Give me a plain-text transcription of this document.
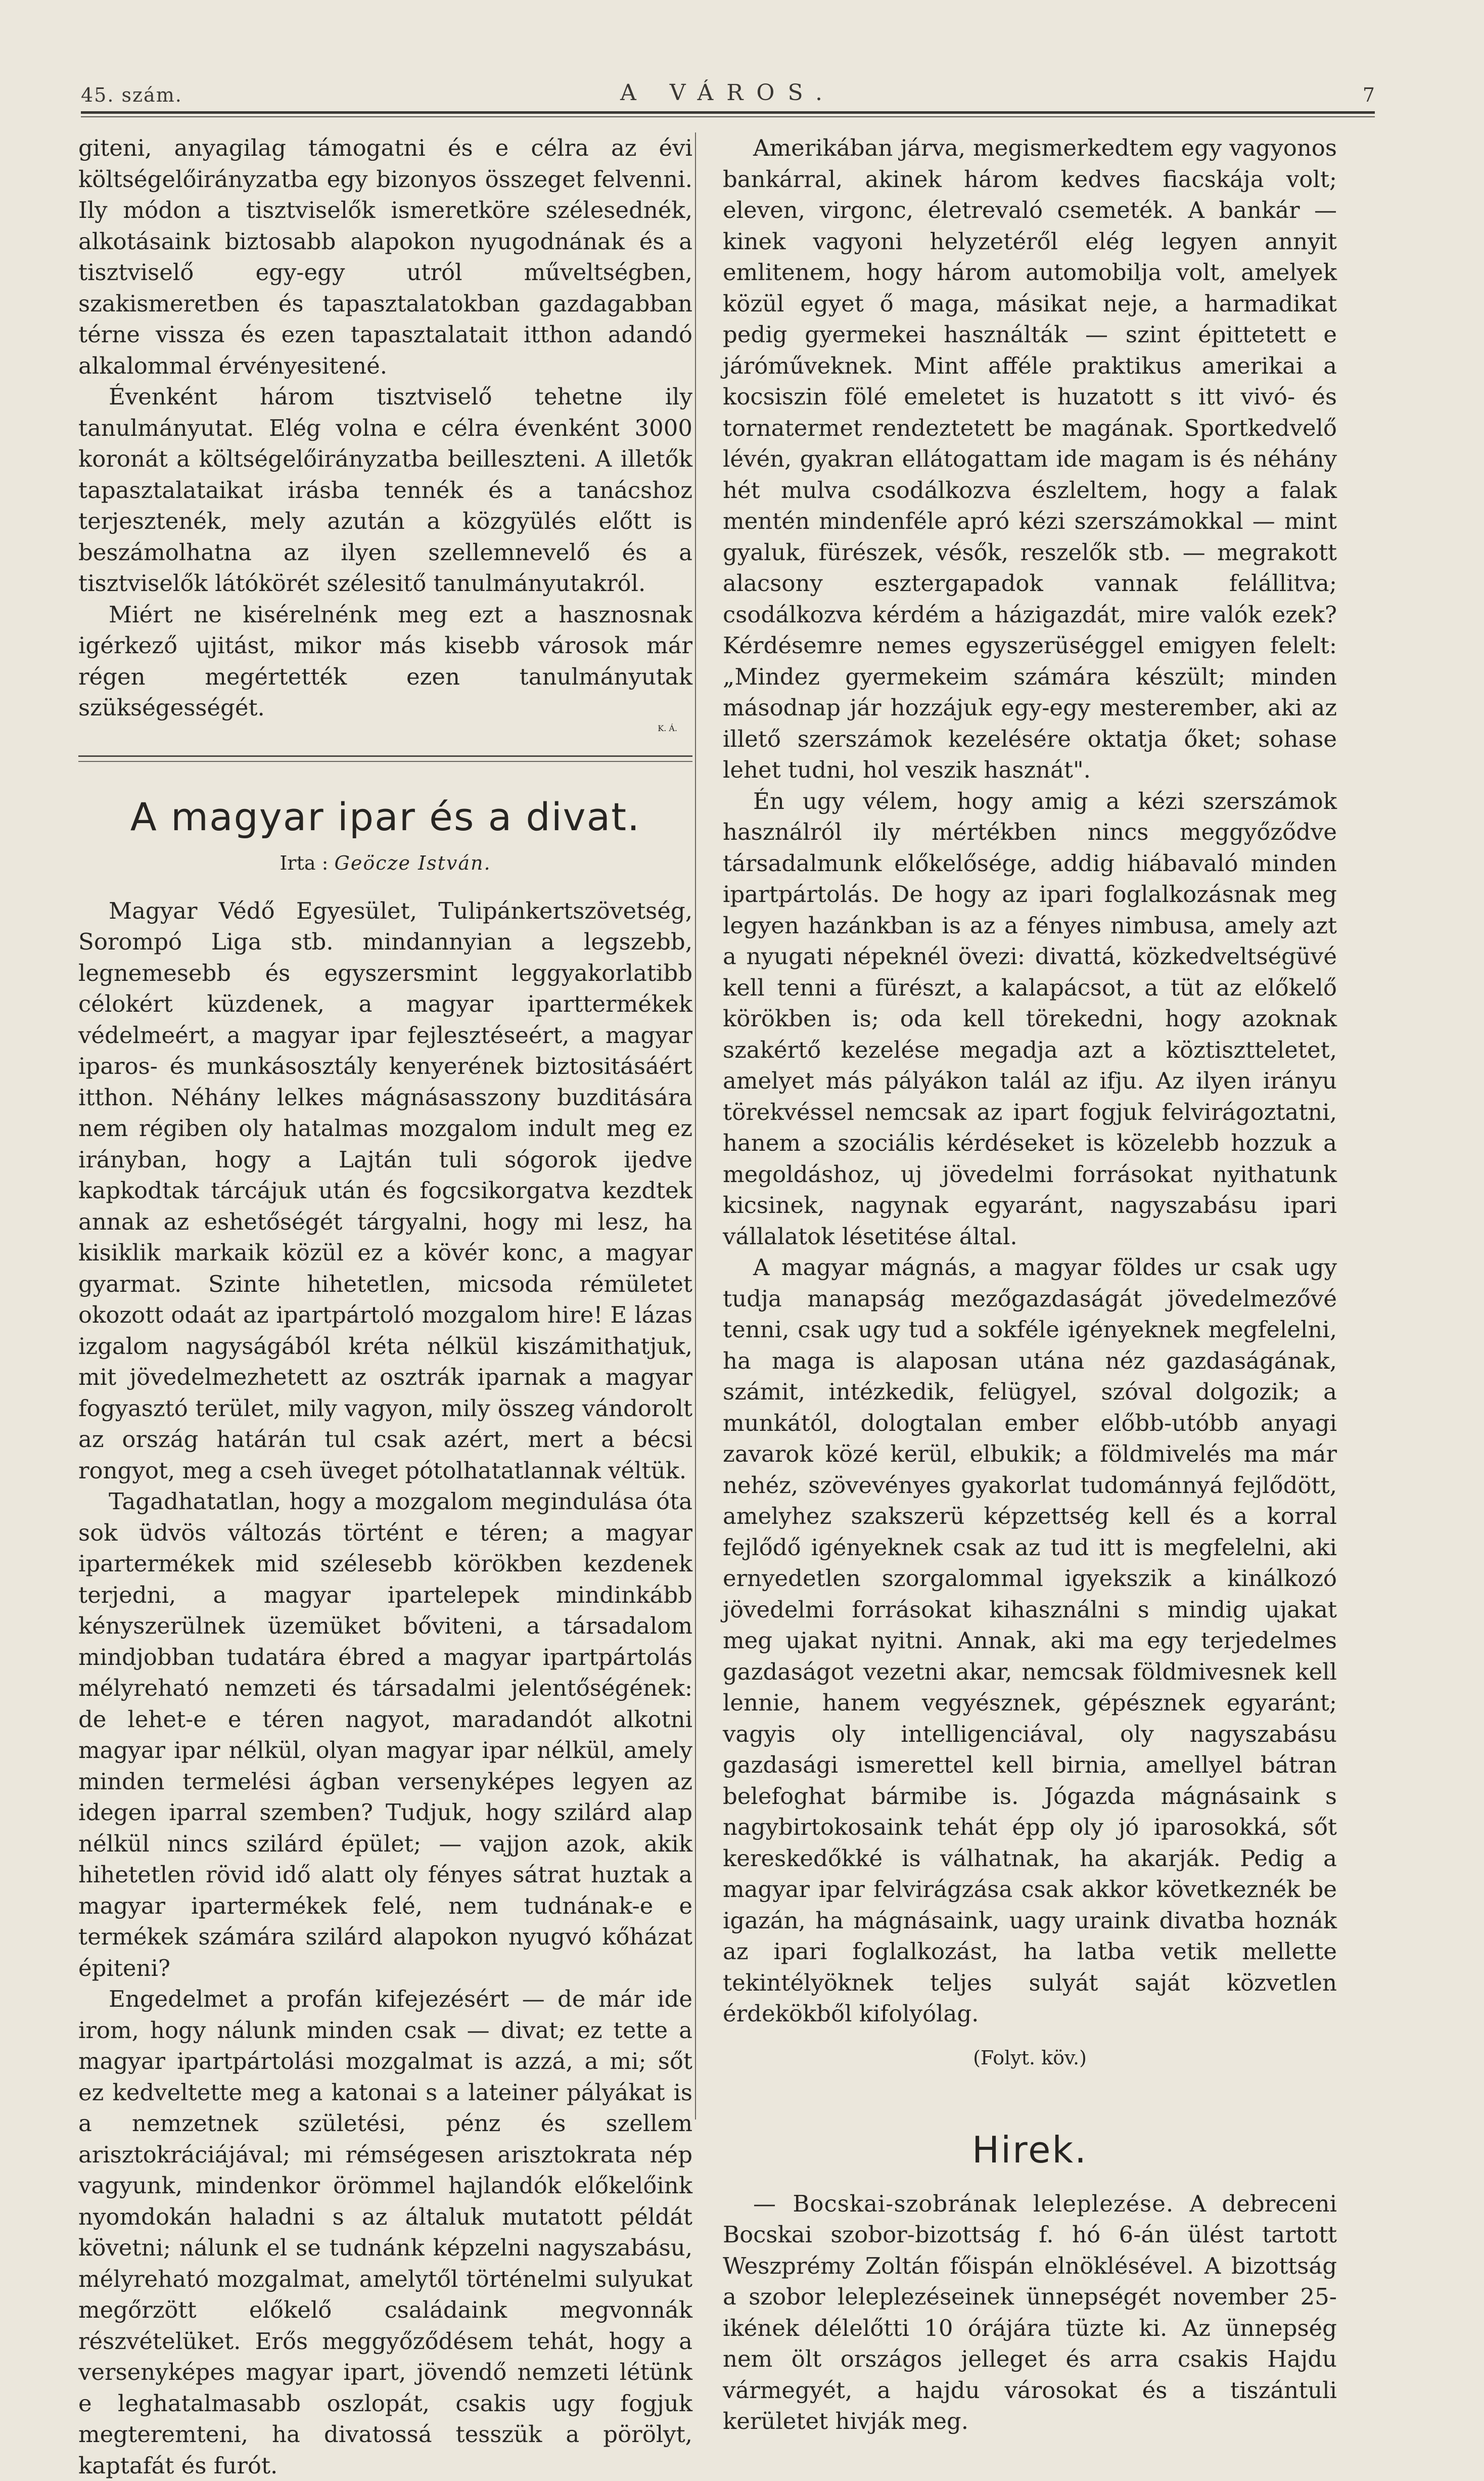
45. szám.	A VÁROS.	7

giteni, anyagilag támogatni és e célra az évi költségelőirányzatba egy bizonyos összeget felvenni. Ily módon a tisztviselők ismeretköre szélesednék, alkotásaink biztosabb alapokon nyugodnának és a tisztviselő egy-egy utról műveltségben, szakismeretben és tapasztalatokban gazdagabban térne vissza és ezen tapasztalatait itthon adandó alkalommal érvényesitené.

Évenként három tisztviselő tehetne ily tanulmányutat. Elég volna e célra évenként 3000 koronát a költségelőirányzatba beilleszteni. A illetők tapasztalataikat irásba tennék és a tanácshoz terjesztenék, mely azután a közgyülés előtt is beszámolhatna az ilyen szellemnevelő és a tisztviselők látókörét szélesitő tanulmányutakról.

Miért ne kisérelnénk meg ezt a hasznosnak igérkező ujitást, mikor más kisebb városok már régen megértették ezen tanulmányutak szükségességét.

K. Á.
A magyar ipar és a divat.
Irta : Geöcze István.

Magyar Védő Egyesület, Tulipánkertszövetség, Sorompó Liga stb. mindannyian a legszebb, legnemesebb és egyszersmint leggyakorlatibb célokért küzdenek, a magyar iparttermékek védelmeért, a magyar ipar fejlesztéseért, a magyar iparos- és munkásosztály kenyerének biztositásáért itthon. Néhány lelkes mágnásasszony buzditására nem régiben oly hatalmas mozgalom indult meg ez irányban, hogy a Lajtán tuli sógorok ijedve kapkodtak tárcájuk után és fogcsikorgatva kezdtek annak az eshetőségét tárgyalni, hogy mi lesz, ha kisiklik markaik közül ez a kövér konc, a magyar gyarmat. Szinte hihetetlen, micsoda rémületet okozott odaát az ipartpártoló mozgalom hire! E lázas izgalom nagyságából kréta nélkül kiszámithatjuk, mit jövedelmezhetett az osztrák iparnak a magyar fogyasztó terület, mily vagyon, mily összeg vándorolt az ország határán tul csak azért, mert a bécsi rongyot, meg a cseh üveget pótolhatatlannak véltük.

Tagadhatatlan, hogy a mozgalom megindulása óta sok üdvös változás történt e téren; a magyar ipartermékek mid szélesebb körökben kezdenek terjedni, a magyar ipartelepek mindinkább kényszerülnek üzemüket bőviteni, a társadalom mindjobban tudatára ébred a magyar ipartpártolás mélyreható nemzeti és társadalmi jelentőségének: de lehet-e e téren nagyot, maradandót alkotni magyar ipar nélkül, olyan magyar ipar nélkül, amely minden termelési ágban versenyképes legyen az idegen iparral szemben? Tudjuk, hogy szilárd alap nélkül nincs szilárd épület; — vajjon azok, akik hihetetlen rövid idő alatt oly fényes sátrat huztak a magyar ipartermékek felé, nem tudnának-e e termékek számára szilárd alapokon nyugvó kőházat épiteni?

Engedelmet a profán kifejezésért — de már ide irom, hogy nálunk minden csak — divat; ez tette a magyar ipartpártolási mozgalmat is azzá, a mi; sőt ez kedveltette meg a katonai s a lateiner pályákat is a nemzetnek születési, pénz és szellem arisztokráciájával; mi rémségesen arisztokrata nép vagyunk, mindenkor örömmel hajlandók előkelőink nyomdokán haladni s az általuk mutatott példát követni; nálunk el se tudnánk képzelni nagyszabásu, mélyreható mozgalmat, amelytől történelmi sulyukat megőrzött előkelő családaink megvonnák részvételüket. Erős meggyőződésem tehát, hogy a versenyképes magyar ipart, jövendő nemzeti létünk e leghatalmasabb oszlopát, csakis ugy fogjuk megteremteni, ha divatossá tesszük a pörölyt, kaptafát és furót.

Amerikában járva, megismerkedtem egy vagyonos bankárral, akinek három kedves fiacskája volt; eleven, virgonc, életrevaló csemeték. A bankár — kinek vagyoni helyzetéről elég legyen annyit emlitenem, hogy három automobilja volt, amelyek közül egyet ő maga, másikat neje, a harmadikat pedig gyermekei használták — szint épittetett e járóműveknek. Mint afféle praktikus amerikai a kocsiszin fölé emeletet is huzatott s itt vivó- és tornatermet rendeztetett be magának. Sportkedvelő lévén, gyakran ellátogattam ide magam is és néhány hét mulva csodálkozva észleltem, hogy a falak mentén mindenféle apró kézi szerszámokkal — mint gyaluk, fürészek, vésők, reszelők stb. — megrakott alacsony esztergapadok vannak felállitva; csodálkozva kérdém a házigazdát, mire valók ezek? Kérdésemre nemes egyszerüséggel emigyen felelt: „Mindez gyermekeim számára készült; minden másodnap jár hozzájuk egy-egy mesterember, aki az illető szerszámok kezelésére oktatja őket; sohase lehet tudni, hol veszik hasznát".

Én ugy vélem, hogy amig a kézi szerszámok használról ily mértékben nincs meggyőződve társadalmunk előkelősége, addig hiábavaló minden ipartpártolás. De hogy az ipari foglalkozásnak meg legyen hazánkban is az a fényes nimbusa, amely azt a nyugati népeknél övezi: divattá, közkedveltségüvé kell tenni a fürészt, a kalapácsot, a tüt az előkelő körökben is; oda kell törekedni, hogy azoknak szakértő kezelése megadja azt a köztisztteletet, amelyet más pályákon talál az ifju. Az ilyen irányu törekvéssel nemcsak az ipart fogjuk felvirágoztatni, hanem a szociális kérdéseket is közelebb hozzuk a megoldáshoz, uj jövedelmi forrásokat nyithatunk kicsinek, nagynak egyaránt, nagyszabásu ipari vállalatok lésetitése által.

A magyar mágnás, a magyar földes ur csak ugy tudja manapság mezőgazdaságát jövedelmezővé tenni, csak ugy tud a sokféle igényeknek megfelelni, ha maga is alaposan utána néz gazdaságának, számit, intézkedik, felügyel, szóval dolgozik; a munkától, dologtalan ember előbb-utóbb anyagi zavarok közé kerül, elbukik; a földmivelés ma már nehéz, szövevényes gyakorlat tudománnyá fejlődött, amelyhez szakszerü képzettség kell és a korral fejlődő igényeknek csak az tud itt is megfelelni, aki ernyedetlen szorgalommal igyekszik a kinálkozó jövedelmi forrásokat kihasználni s mindig ujakat meg ujakat nyitni. Annak, aki ma egy terjedelmes gazdaságot vezetni akar, nemcsak földmivesnek kell lennie, hanem vegyésznek, gépésznek egyaránt; vagyis oly intelligenciával, oly nagyszabásu gazdasági ismerettel kell birnia, amellyel bátran belefoghat bármibe is. Jógazda mágnásaink s nagybirtokosaink tehát épp oly jó iparosokká, sőt kereskedőkké is válhatnak, ha akarják. Pedig a magyar ipar felvirágzása csak akkor következnék be igazán, ha mágnásaink, uagy uraink divatba hoznák az ipari foglalkozást, ha latba vetik mellette tekintélyöknek teljes sulyát saját közvetlen érdekökből kifolyólag.

(Folyt. köv.)
Hirek.

— Bocskai-szobrának leleplezése. A debreceni Bocskai szobor-bizottság f. hó 6-án ülést tartott Weszprémy Zoltán főispán elnöklésével. A bizottság a szobor leleplezéseinek ünnepségét november 25-ikének délelőtti 10 órájára tüzte ki. Az ünnepség nem ölt országos jelleget és arra csakis Hajdu vármegyét, a hajdu városokat és a tiszántuli kerületet hivják meg.
